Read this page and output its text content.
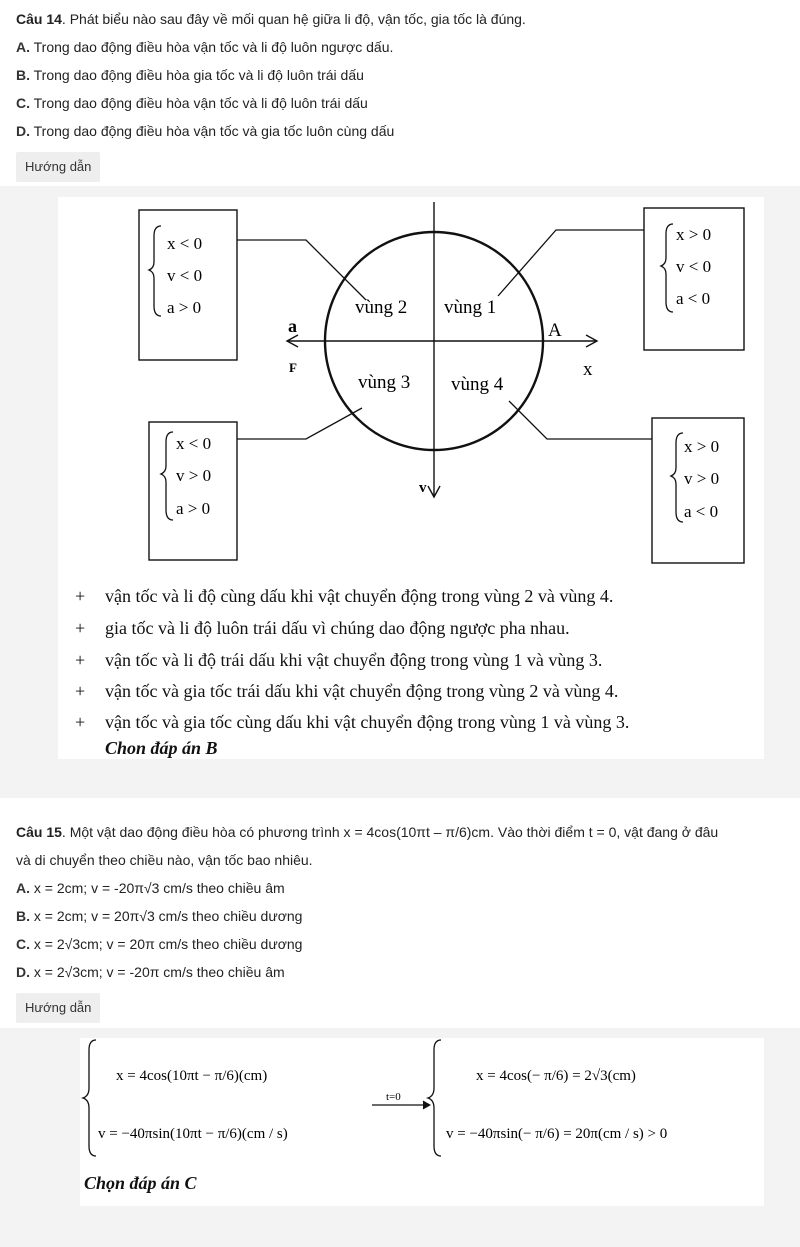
Câu 14. Phát biểu nào sau đây về mối quan hệ giữa li độ, vận tốc, gia tốc là đúng.
A. Trong dao động điều hòa vận tốc và li độ luôn ngược dấu.
B. Trong dao động điều hòa gia tốc và li độ luôn trái dấu
C. Trong dao động điều hòa vận tốc và li độ luôn trái dấu
D. Trong dao động điều hòa vận tốc và gia tốc luôn cùng dấu
Hướng dẫn
x < 0
v < 0
a > 0
x > 0
v < 0
a < 0
x < 0
v > 0
a > 0
x > 0
v > 0
a < 0
vùng 2 vùng 1
vùng 3 vùng 4
a
F
A
x
v
+ vận tốc và li độ cùng dấu khi vật chuyển động trong vùng 2 và vùng 4.
+ gia tốc và li độ luôn trái dấu vì chúng dao động ngược pha nhau.
+ vận tốc và li độ trái dấu khi vật chuyển động trong vùng 1 và vùng 3.
+ vận tốc và gia tốc trái dấu khi vật chuyển động trong vùng 2 và vùng 4.
+ vận tốc và gia tốc cùng dấu khi vật chuyển động trong vùng 1 và vùng 3.
Chon đáp án B
Câu 15. Một vật dao động điều hòa có phương trình x = 4cos(10πt – π/6)cm. Vào thời điểm t = 0, vật đang ở đâu
và di chuyển theo chiều nào, vận tốc bao nhiêu.
A. x = 2cm; v = -20π√3 cm/s theo chiều âm
B. x = 2cm; v = 20π√3 cm/s theo chiều dương
C. x = 2√3cm; v = 20π cm/s theo chiều dương
D. x = 2√3cm; v = -20π cm/s theo chiều âm
Hướng dẫn
x = 4cos(10πt − π/6)(cm)
v = −40πsin(10πt − π/6)(cm / s)
t=0
x = 4cos(− π/6) = 2√3(cm)
v = −40πsin(− π/6) = 20π(cm / s) > 0
Chọn đáp án C
